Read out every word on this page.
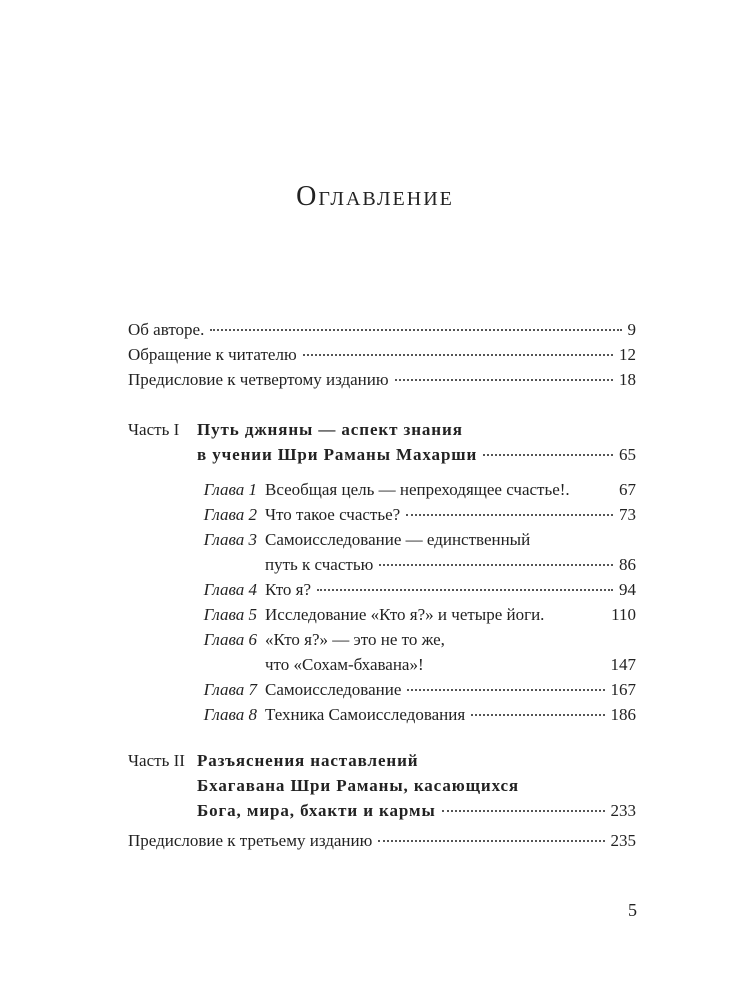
Оглавление
Об авторе.	9
Обращение к читателю	12
Предисловие к четвертому изданию	18
Часть I Путь джняны — аспект знания
в учении Шри Раманы Махарши	65
Глава 1 Всеобщая цель — непреходящее счастье!.	67
Глава 2 Что такое счастье?	73
Глава 3 Самоисследование — единственный
путь к счастью	86
Глава 4 Кто я?	94
Глава 5 Исследование «Кто я?» и четыре йоги.	110
Глава 6 «Кто я?» — это не то же,
что «Сохам-бхавана»!	147
Глава 7 Самоисследование	167
Глава 8 Техника Самоисследования	186
Часть II Разъяснения наставлений
Бхагавана Шри Раманы, касающихся
Бога, мира, бхакти и кармы	233
Предисловие к третьему изданию	235
5
